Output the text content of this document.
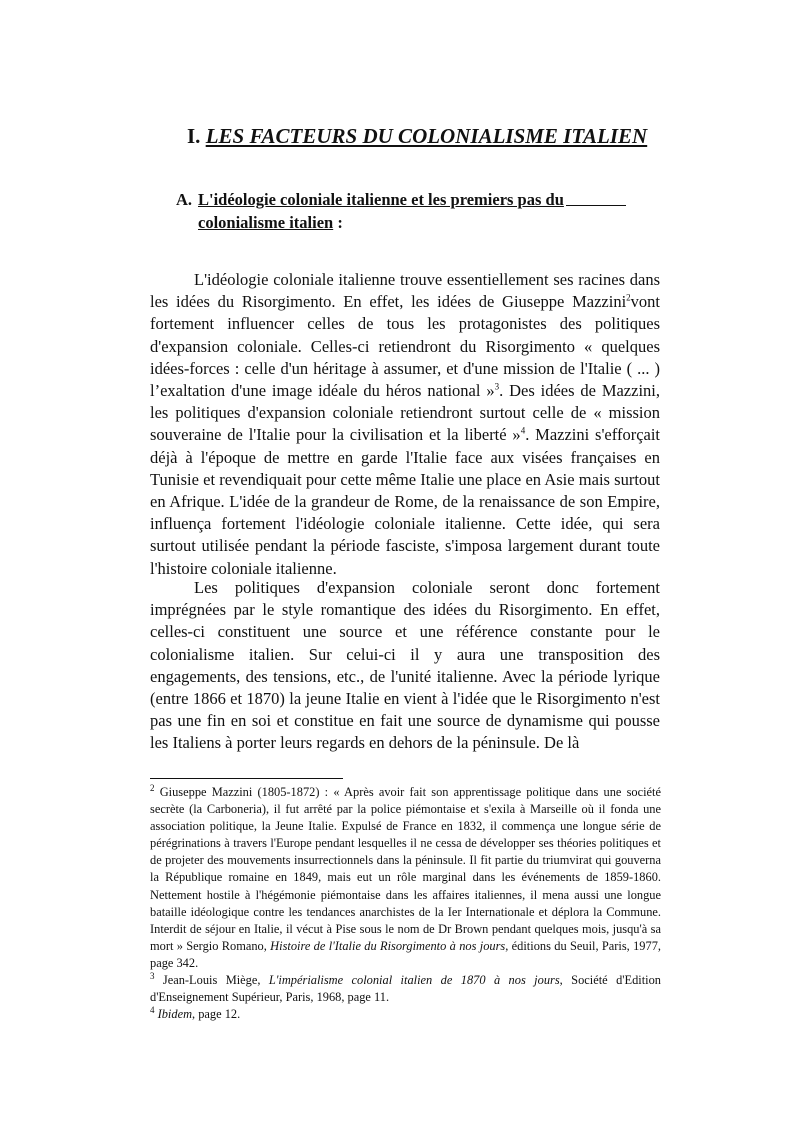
I. LES FACTEURS DU COLONIALISME ITALIEN
A. L'idéologie coloniale italienne et les premiers pas du
colonialisme italien :

L'idéologie coloniale italienne trouve essentiellement ses racines dans les idées du Risorgimento. En effet, les idées de Giuseppe Mazzini$^2$vont fortement influencer celles de tous les protagonistes des politiques d'expansion coloniale. Celles-ci retiendront du Risorgimento « quelques idées-forces : celle d'un héritage à assumer, et d'une mission de l'Italie ( ... ) l’exaltation d'une image idéale du héros national »$^3$. Des idées de Mazzini, les politiques d'expansion coloniale retiendront surtout celle de « mission souveraine de l'Italie pour la civilisation et la liberté »$^4$. Mazzini s'efforçait déjà à l'époque de mettre en garde l'Italie face aux visées françaises en Tunisie et revendiquait pour cette même Italie une place en Asie mais surtout en Afrique. L'idée de la grandeur de Rome, de la renaissance de son Empire, influença fortement l'idéologie coloniale italienne. Cette idée, qui sera surtout utilisée pendant la période fasciste, s'imposa largement durant toute l'histoire coloniale italienne.

Les politiques d'expansion coloniale seront donc fortement imprégnées par le style romantique des idées du Risorgimento. En effet, celles-ci constituent une source et une référence constante pour le colonialisme italien. Sur celui-ci il y aura une transposition des engagements, des tensions, etc., de l'unité italienne. Avec la période lyrique (entre 1866 et 1870) la jeune Italie en vient à l'idée que le Risorgimento n'est pas une fin en soi et constitue en fait une source de dynamisme qui pousse les Italiens à porter leurs regards en dehors de la péninsule. De là

$^2$ Giuseppe Mazzini (1805-1872) : « Après avoir fait son apprentissage politique dans une société secrète (la Carboneria), il fut arrêté par la police piémontaise et s'exila à Marseille où il fonda une association politique, la Jeune Italie. Expulsé de France en 1832, il commença une longue série de pérégrinations à travers l'Europe pendant lesquelles il ne cessa de développer ses théories politiques et de projeter des mouvements insurrectionnels dans la péninsule. Il fit partie du triumvirat qui gouverna la République romaine en 1849, mais eut un rôle marginal dans les événements de 1859-1860. Nettement hostile à l'hégémonie piémontaise dans les affaires italiennes, il mena aussi une longue bataille idéologique contre les tendances anarchistes de la Ier Internationale et déplora la Commune. Interdit de séjour en Italie, il vécut à Pise sous le nom de Dr Brown pendant quelques mois, jusqu'à sa mort » Sergio Romano, Histoire de l'Italie du Risorgimento à nos jours, éditions du Seuil, Paris, 1977, page 342.

$^3$ Jean-Louis Miège, L'impérialisme colonial italien de 1870 à nos jours, Société d'Edition d'Enseignement Supérieur, Paris, 1968, page 11.

$^4$ Ibidem, page 12.
